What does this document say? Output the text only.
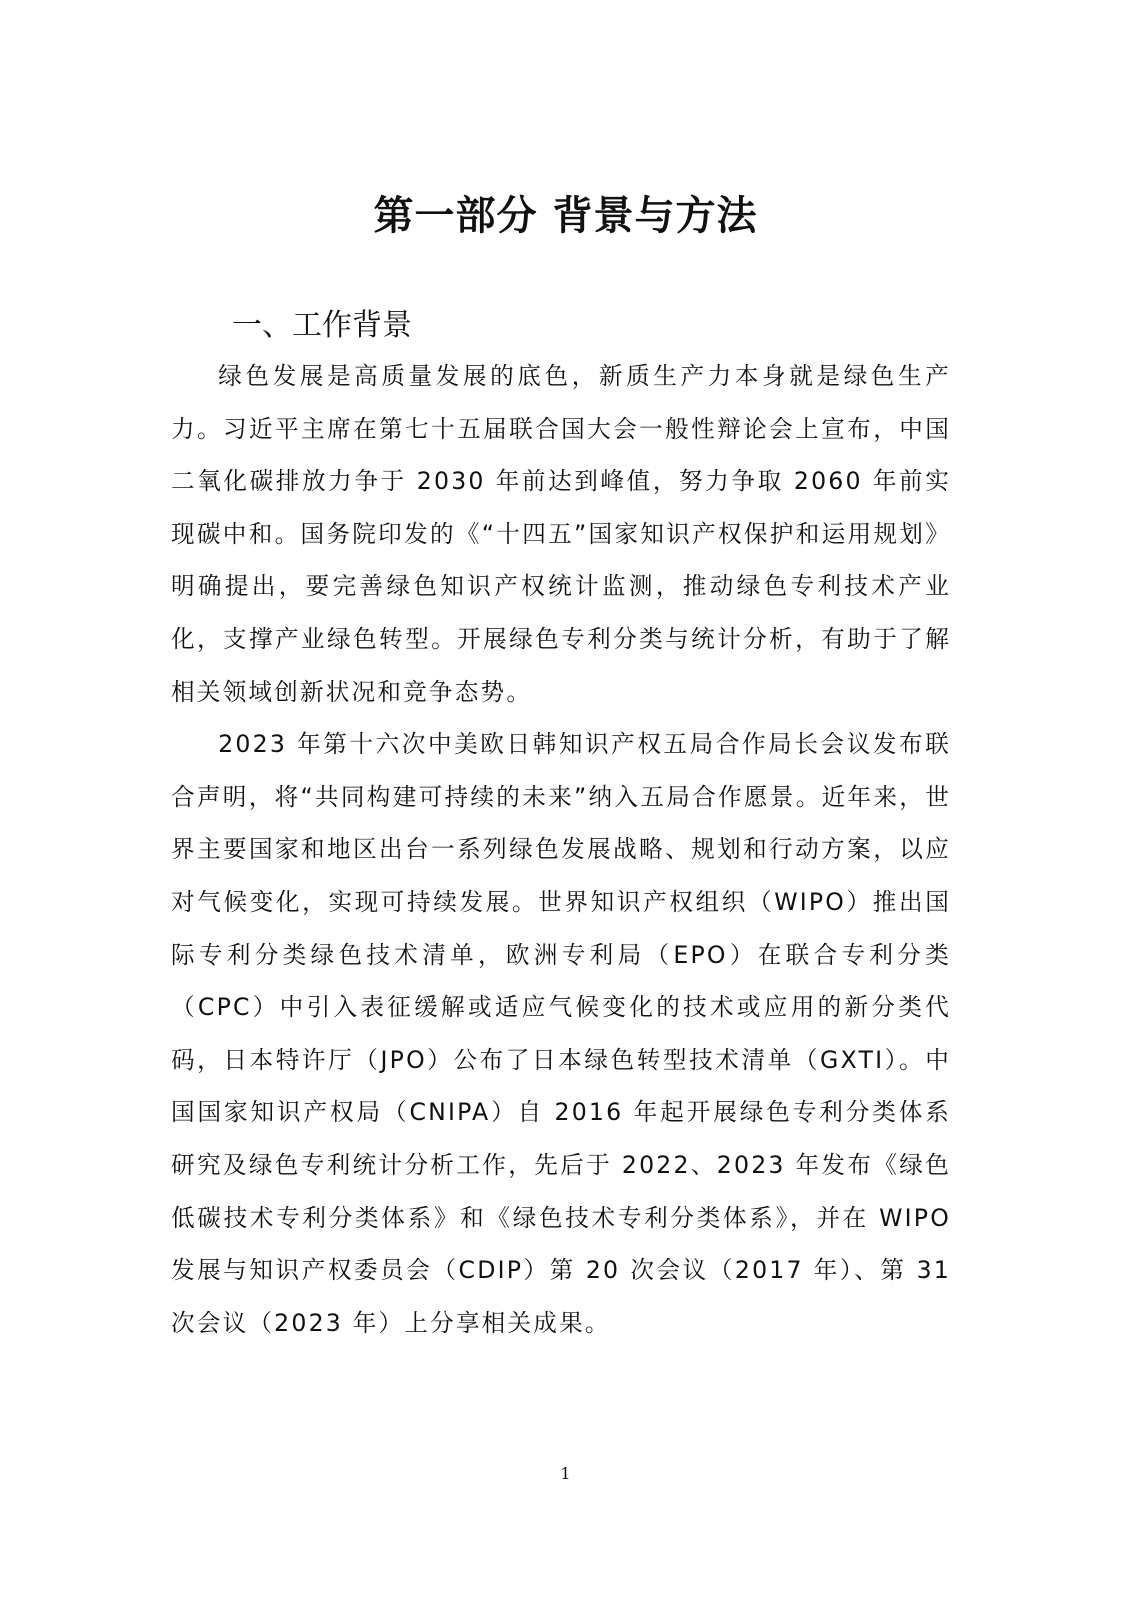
第一部分 背景与方法
一、工作背景

绿色发展是高质量发展的底色，新质生产力本身就是绿色生产力。习近平主席在第七十五届联合国大会一般性辩论会上宣布，中国二氧化碳排放力争于 2030 年前达到峰值，努力争取 2060 年前实现碳中和。国务院印发的《“十四五”国家知识产权保护和运用规划》明确提出，要完善绿色知识产权统计监测，推动绿色专利技术产业化，支撑产业绿色转型。开展绿色专利分类与统计分析，有助于了解相关领域创新状况和竞争态势。

2023 年第十六次中美欧日韩知识产权五局合作局长会议发布联合声明，将“共同构建可持续的未来”纳入五局合作愿景。近年来，世界主要国家和地区出台一系列绿色发展战略、规划和行动方案，以应对气候变化，实现可持续发展。世界知识产权组织（WIPO）推出国际专利分类绿色技术清单，欧洲专利局（EPO）在联合专利分类（CPC）中引入表征缓解或适应气候变化的技术或应用的新分类代码，日本特许厅（JPO）公布了日本绿色转型技术清单（GXTI）。中国国家知识产权局（CNIPA）自 2016 年起开展绿色专利分类体系研究及绿色专利统计分析工作，先后于 2022、2023 年发布《绿色低碳技术专利分类体系》和《绿色技术专利分类体系》，并在 WIPO 发展与知识产权委员会（CDIP）第 20 次会议（2017 年）、第 31 次会议（2023 年）上分享相关成果。

1
